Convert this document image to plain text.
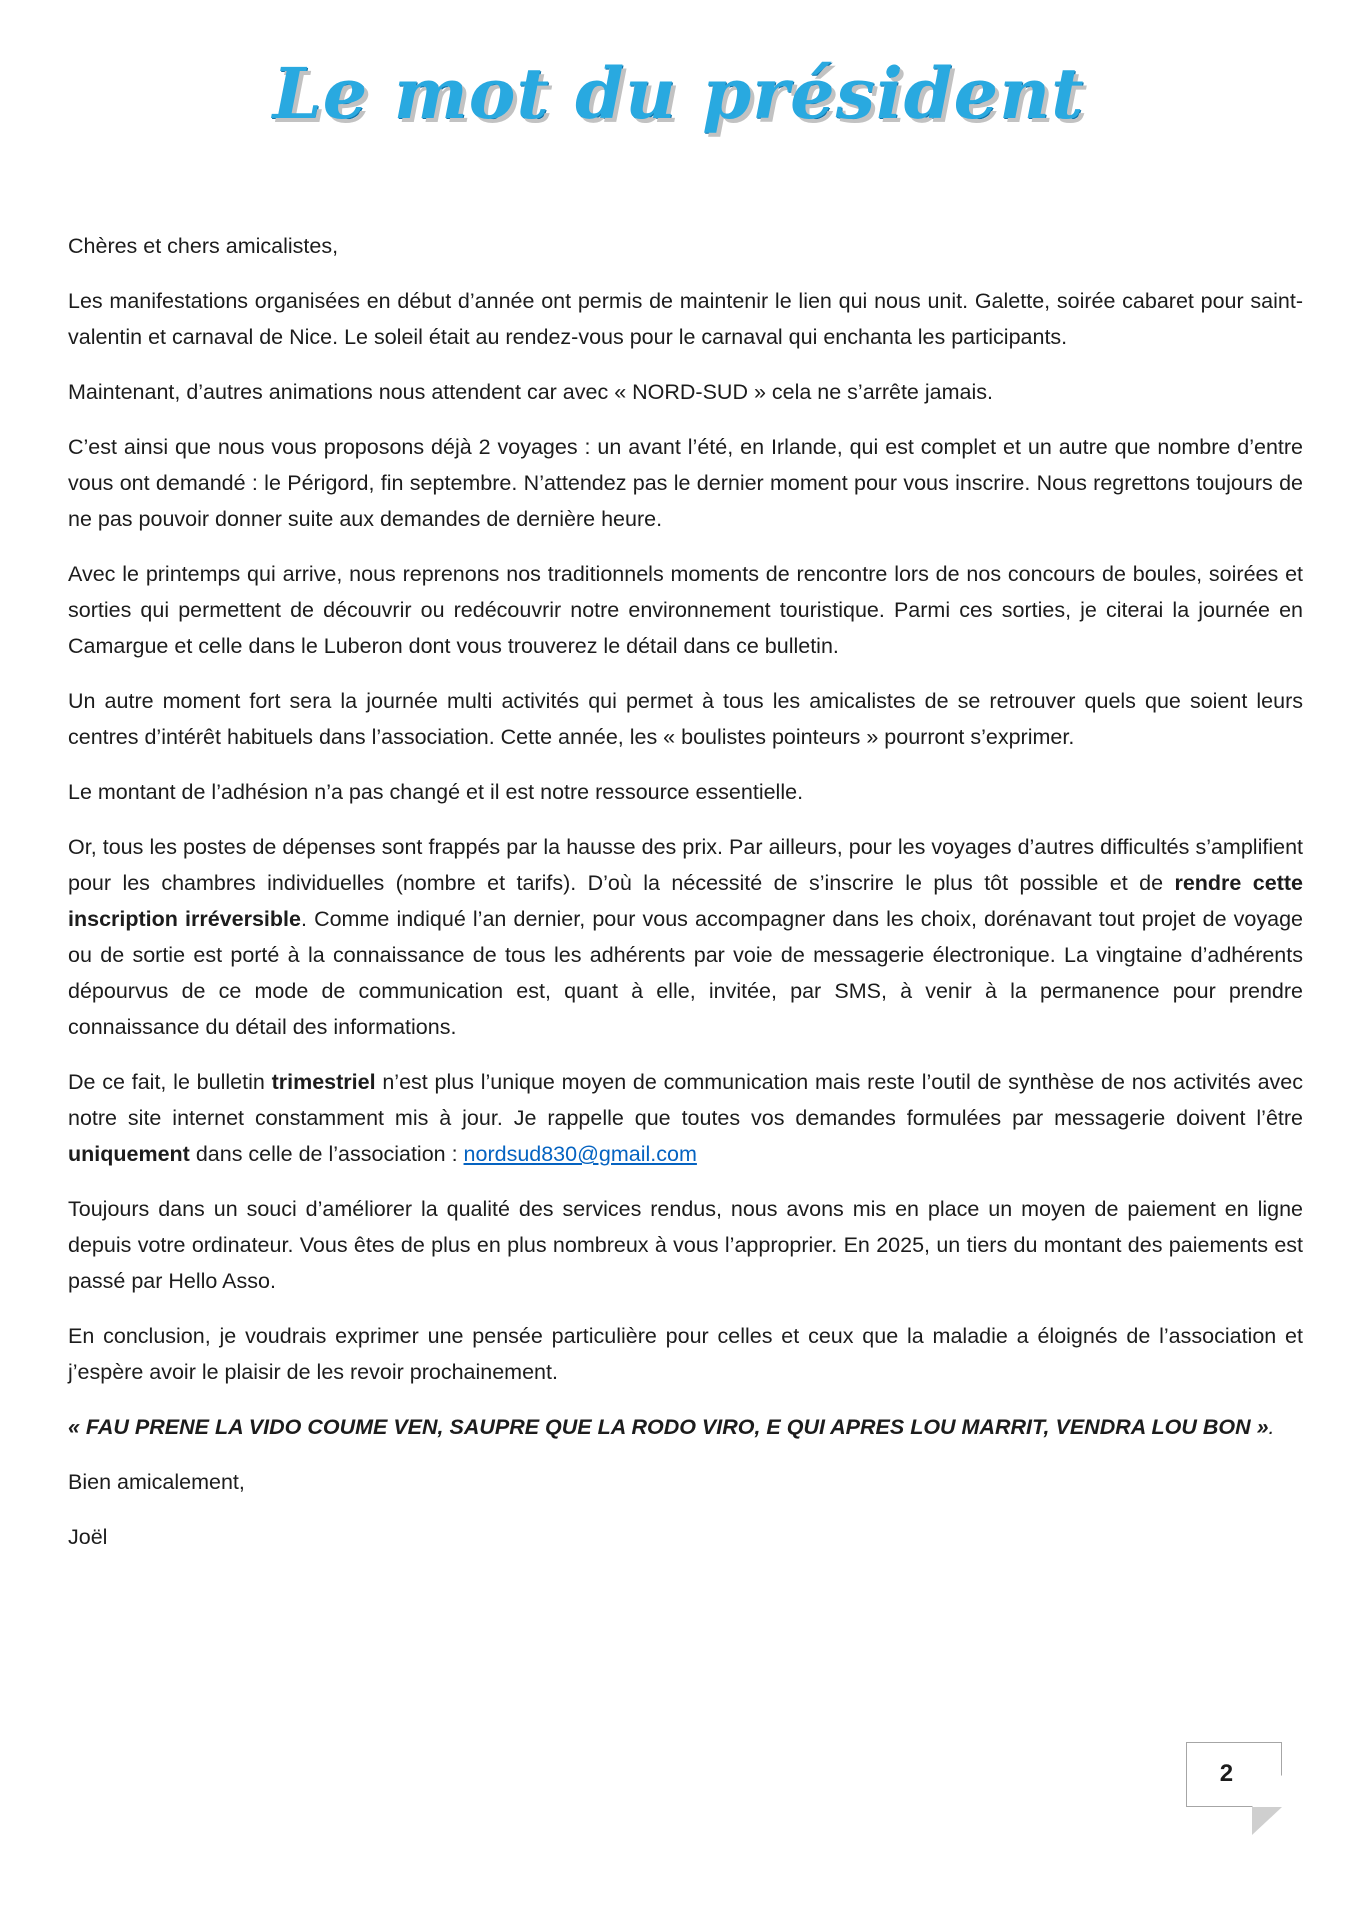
Le mot du président

Chères et chers amicalistes,

Les manifestations organisées en début d’année ont permis de maintenir le lien qui nous unit. Galette, soirée cabaret pour saint-valentin et carnaval de Nice. Le soleil était au rendez-vous pour le carnaval qui enchanta les participants.

Maintenant, d’autres animations nous attendent car avec « NORD-SUD » cela ne s’arrête jamais.

C’est ainsi que nous vous proposons déjà 2 voyages : un avant l’été, en Irlande, qui est complet et un autre que nombre d’entre vous ont demandé : le Périgord, fin septembre. N’attendez pas le dernier moment pour vous inscrire. Nous regrettons toujours de ne pas pouvoir donner suite aux demandes de dernière heure.

Avec le printemps qui arrive, nous reprenons nos traditionnels moments de rencontre lors de nos concours de boules, soirées et sorties qui permettent de découvrir ou redécouvrir notre environnement touristique. Parmi ces sorties, je citerai la journée en Camargue et celle dans le Luberon dont vous trouverez le détail dans ce bulletin.

Un autre moment fort sera la journée multi activités qui permet à tous les amicalistes de se retrouver quels que soient leurs centres d’intérêt habituels dans l’association. Cette année, les « boulistes pointeurs » pourront s’exprimer.

Le montant de l’adhésion n’a pas changé et il est notre ressource essentielle.

Or, tous les postes de dépenses sont frappés par la hausse des prix. Par ailleurs, pour les voyages d’autres difficultés s’amplifient pour les chambres individuelles (nombre et tarifs). D’où la nécessité de s’inscrire le plus tôt possible et de rendre cette inscription irréversible. Comme indiqué l’an dernier, pour vous accompagner dans les choix, dorénavant tout projet de voyage ou de sortie est porté à la connaissance de tous les adhérents par voie de messagerie électronique. La vingtaine d’adhérents dépourvus de ce mode de communication est, quant à elle, invitée, par SMS, à venir à la permanence pour prendre connaissance du détail des informations.

De ce fait, le bulletin trimestriel n’est plus l’unique moyen de communication mais reste l’outil de synthèse de nos activités avec notre site internet constamment mis à jour. Je rappelle que toutes vos demandes formulées par messagerie doivent l’être uniquement dans celle de l’association : nordsud830@gmail.com

Toujours dans un souci d’améliorer la qualité des services rendus, nous avons mis en place un moyen de paiement en ligne depuis votre ordinateur. Vous êtes de plus en plus nombreux à vous l’approprier. En 2025, un tiers du montant des paiements est passé par Hello Asso.

En conclusion, je voudrais exprimer une pensée particulière pour celles et ceux que la maladie a éloignés de l’association et j’espère avoir le plaisir de les revoir prochainement.

« FAU PRENE LA VIDO COUME VEN, SAUPRE QUE LA RODO VIRO, E QUI APRES LOU MARRIT, VENDRA LOU BON ».

Bien amicalement,

Joël

2
